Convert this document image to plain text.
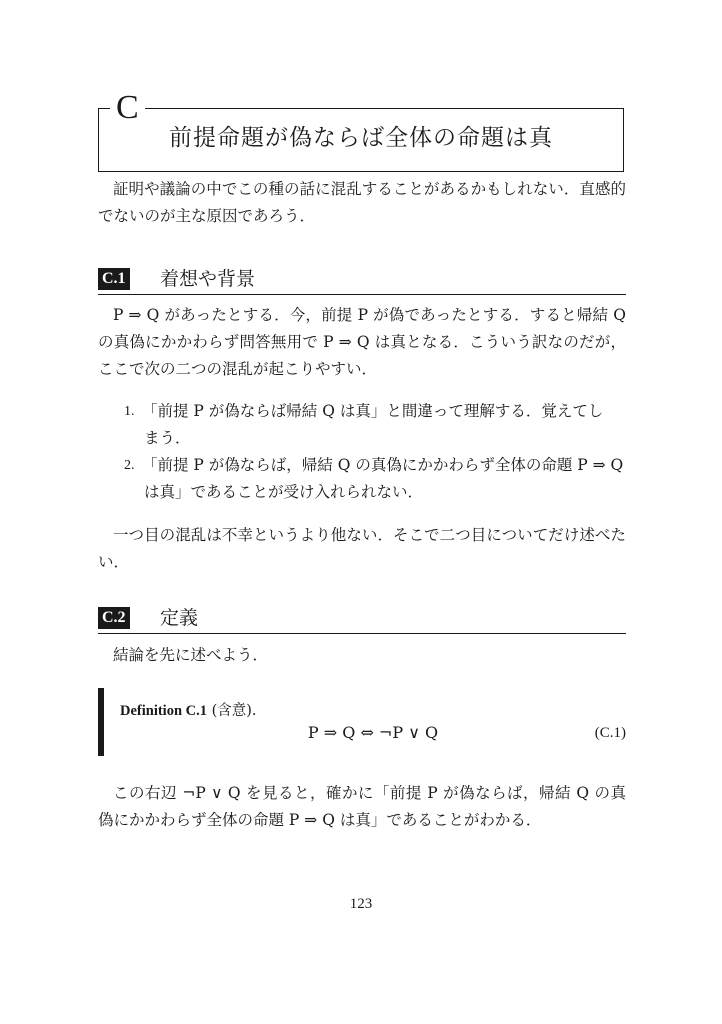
C
前提命題が偽ならば全体の命題は真

証明や議論の中でこの種の話に混乱することがあるかもしれない．直感的でないのが主な原因であろう．

C.1 着想や背景

P ⇒ Q があったとする．今，前提 P が偽であったとする．すると帰結 Q の真偽にかかわらず問答無用で P ⇒ Q は真となる．こういう訳なのだが，ここで次の二つの混乱が起こりやすい．

1. 「前提 P が偽ならば帰結 Q は真」と間違って理解する．覚えてし
まう．
2. 「前提 P が偽ならば，帰結 Q の真偽にかかわらず全体の命題 P ⇒ Q
は真」であることが受け入れられない．

一つ目の混乱は不幸というより他ない．そこで二つ目についてだけ述べたい．

C.2 定義

結論を先に述べよう．

Definition C.1 (含意).
P ⇒ Q ⇔ ¬P ∨ Q	(C.1)

この右辺 ¬P ∨ Q を見ると，確かに「前提 P が偽ならば，帰結 Q の真偽にかかわらず全体の命題 P ⇒ Q は真」であることがわかる．

123
